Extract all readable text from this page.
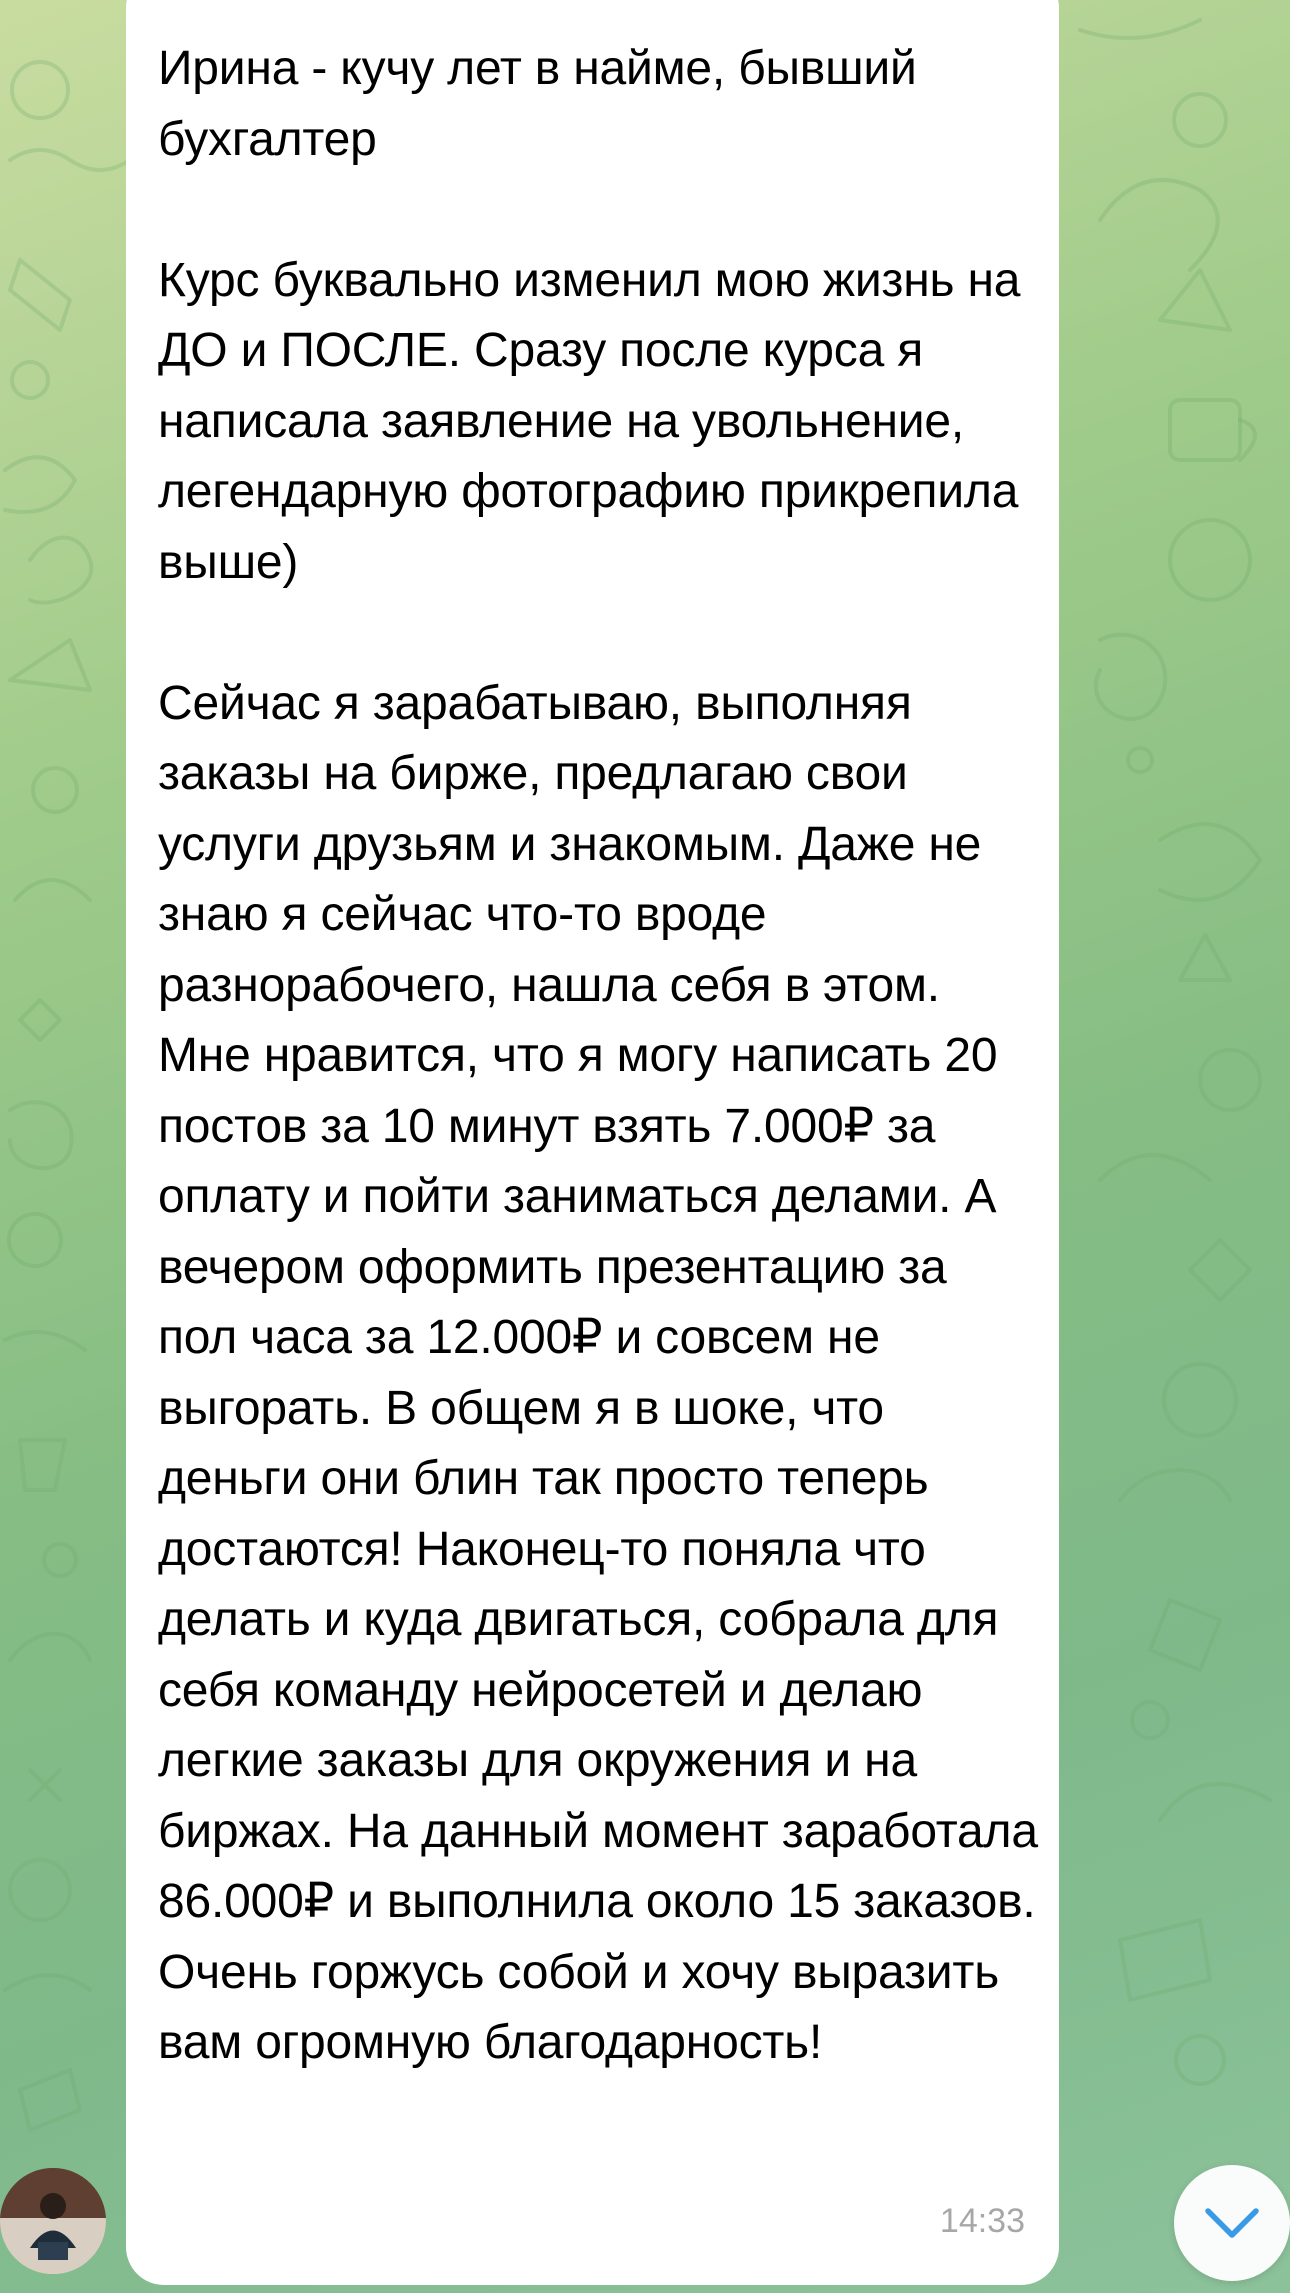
Ирина - кучу лет в найме, бывший бухгалтер

Курс буквально изменил мою жизнь на ДО и ПОСЛЕ. Сразу после курса я написала заявление на увольнение, легендарную фотографию прикрепила выше)

Сейчас я зарабатываю, выполняя заказы на бирже, предлагаю свои услуги друзьям и знакомым. Даже не знаю я сейчас что-то вроде разнорабочего, нашла себя в этом. Мне нравится, что я могу написать 20 постов за 10 минут взять 7.000₽ за оплату и пойти заниматься делами. А вечером оформить презентацию за пол часа за 12.000₽ и совсем не выгорать. В общем я в шоке, что деньги они блин так просто теперь достаются! Наконец-то поняла что делать и куда двигаться, собрала для себя команду нейросетей и делаю легкие заказы для окружения и на биржах. На данный момент заработала 86.000₽ и выполнила около 15 заказов. Очень горжусь собой и хочу выразить вам огромную благодарность!

14:33
